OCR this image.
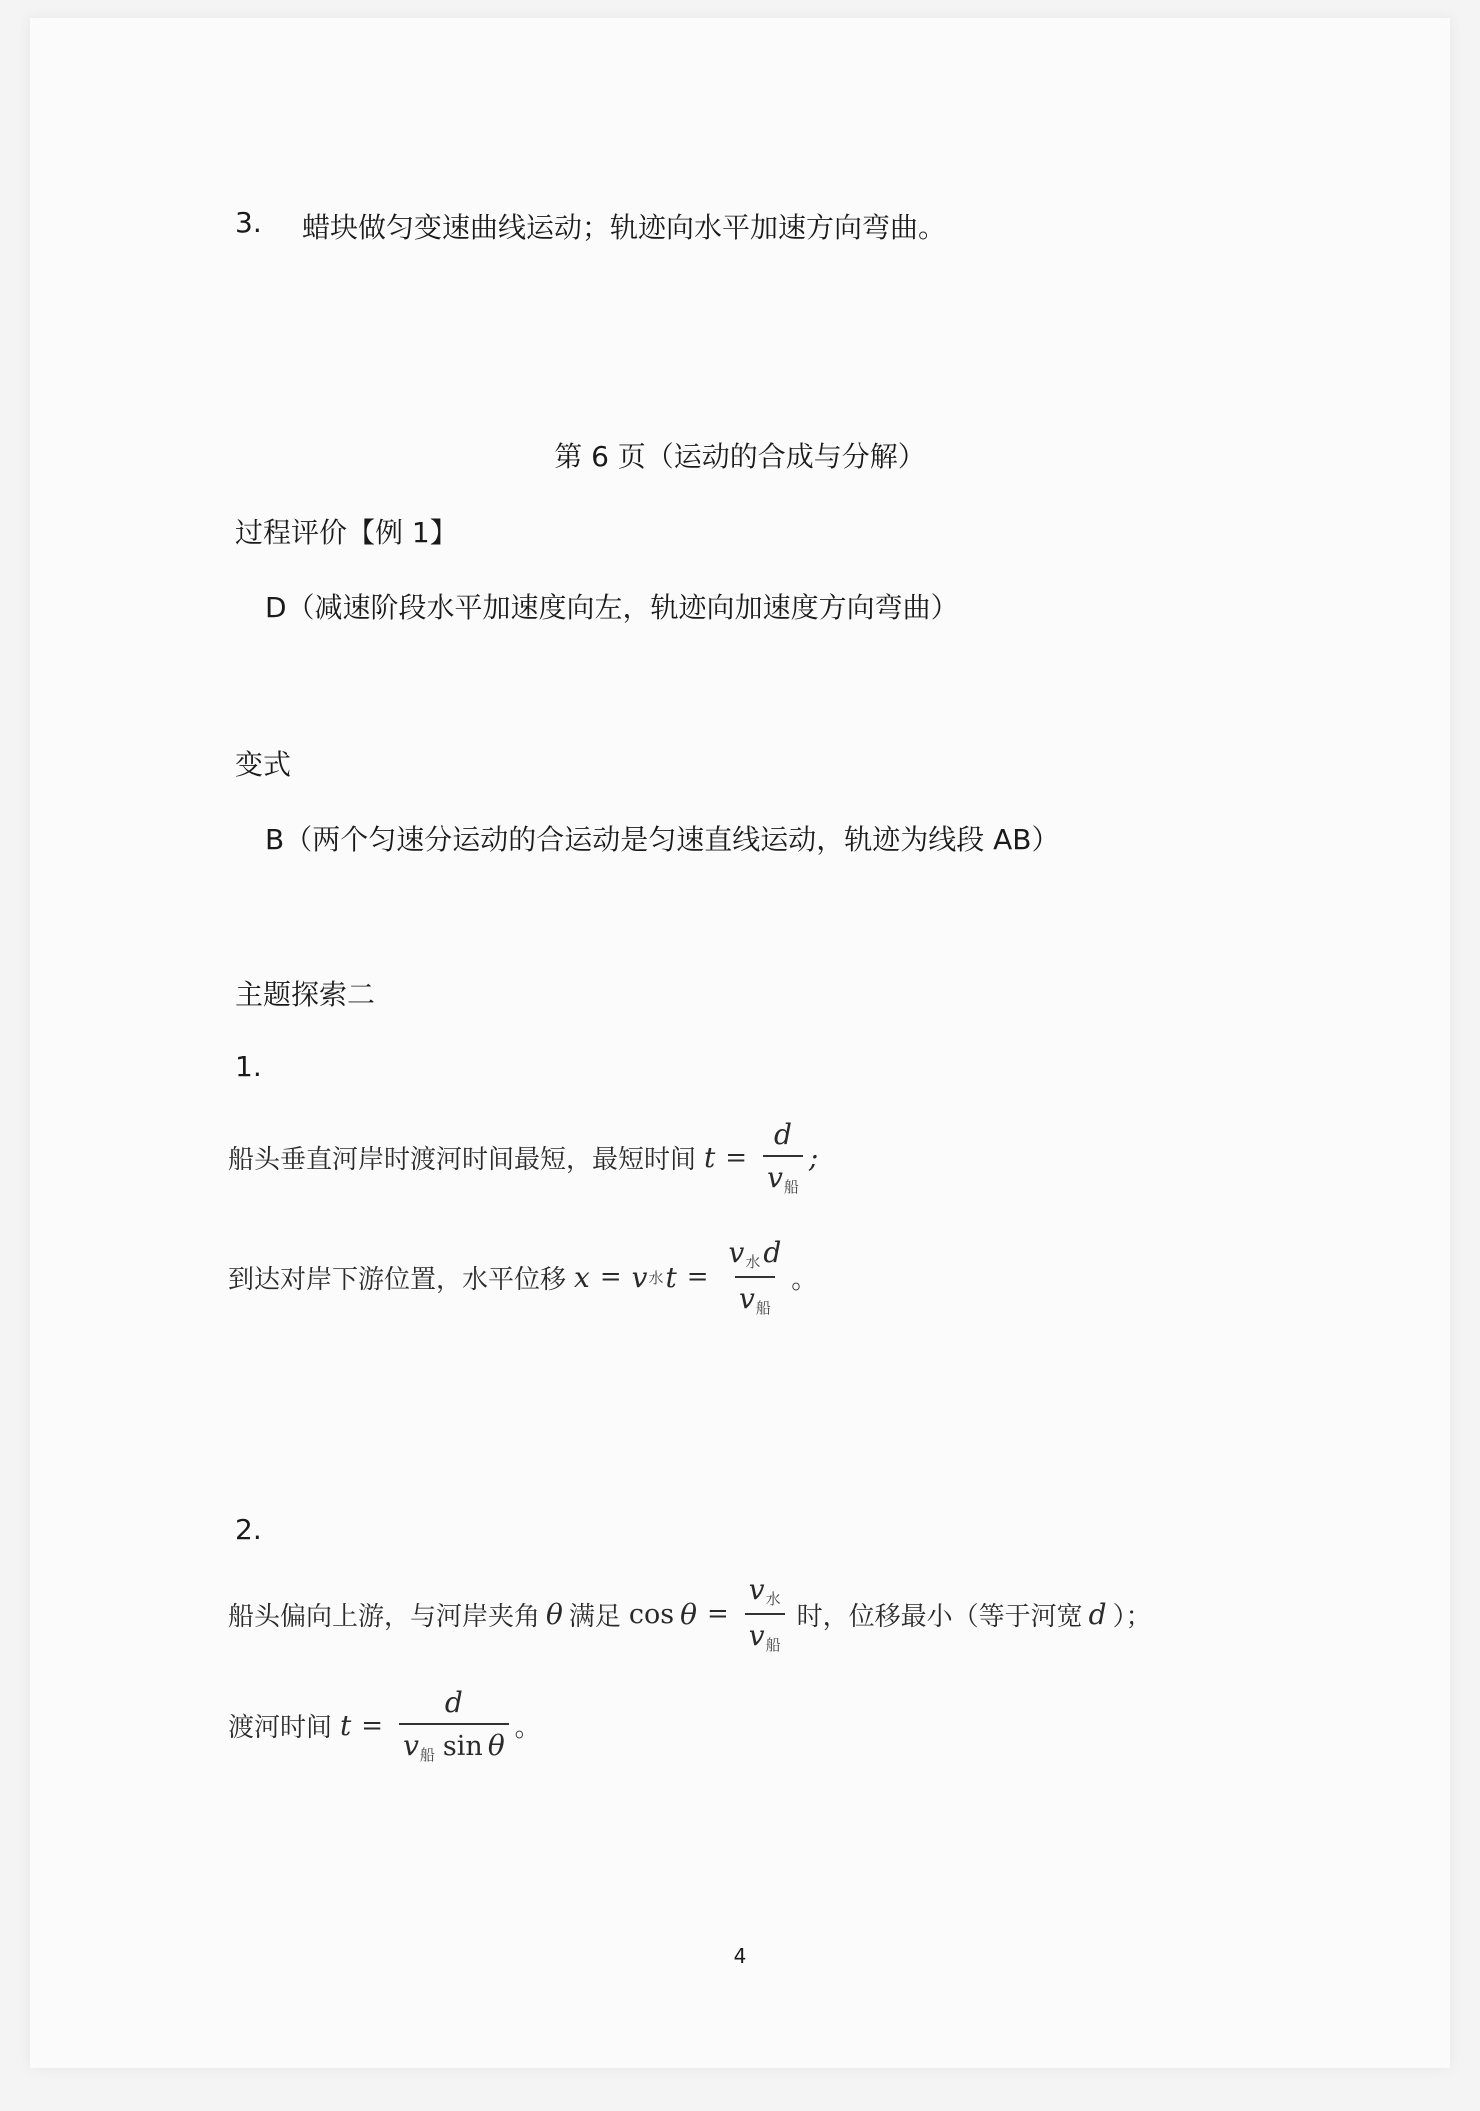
3. 蜡块做匀变速曲线运动；轨迹向水平加速方向弯曲。
第 6 页（运动的合成与分解）
过程评价【例 1】
D（减速阶段水平加速度向左，轨迹向加速度方向弯曲）
变式
B（两个匀速分运动的合运动是匀速直线运动，轨迹为线段 AB）
主题探索二
1.
船头垂直河岸时渡河时间最短，最短时间 $t = \frac{d}{v_船}$ ;
到达对岸下游位置，水平位移 x = v 水 $t = \frac{v_水 d}{v_船}$ 。
2.
船头偏向上游，与河岸夹角 θ 满足 $\cos \theta = \frac{v_水}{v_船}$ 时，位移最小（等于河宽 d ）；
渡河时间 $t = \frac{d}{v_船 \sin \theta}$ 。
4
